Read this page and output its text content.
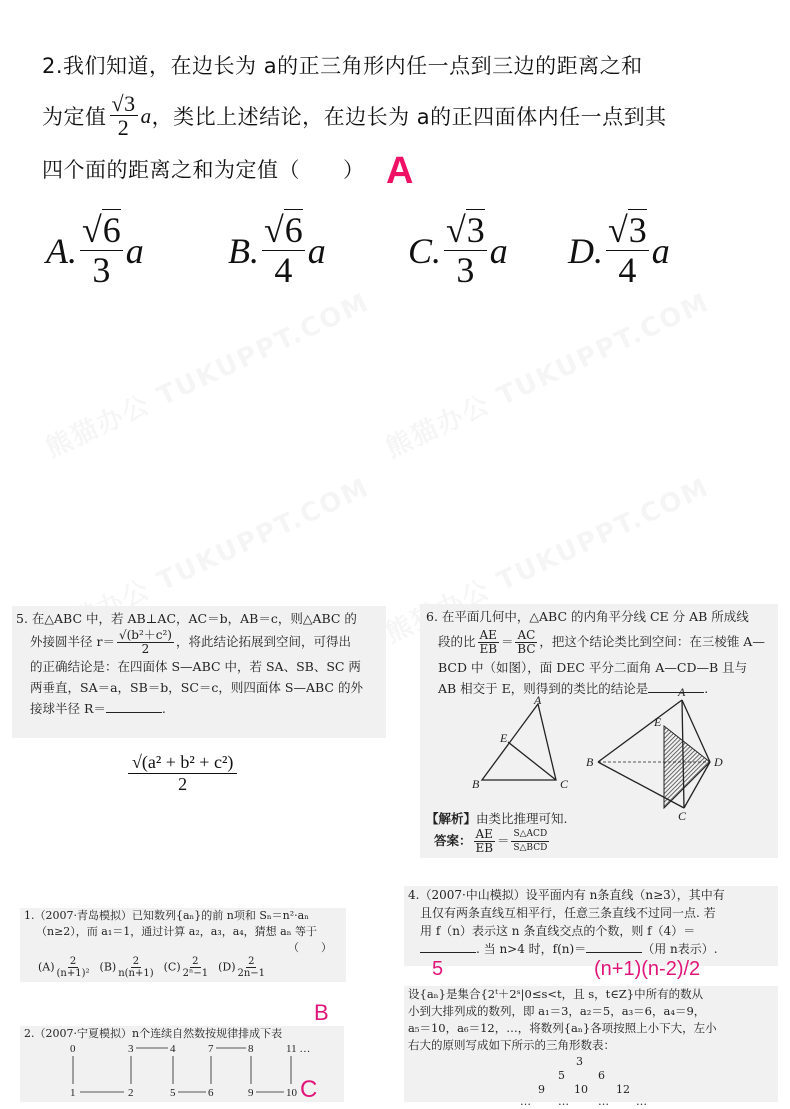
2.我们知道，在边长为 a的正三角形内任一点到三边的距离之和
为定值 $\frac{√3}{2}$ a ，类比上述结论，在边长为 a的正四面体内任一点到其
四个面的距离之和为定值（　　） A
A. $\frac{√6}{3}$ a B. $\frac{√6}{4}$ a C. $\frac{√3}{3}$ a D. $\frac{√3}{4}$ a

5. 在△ABC 中，若 AB⊥AC，AC＝b，AB＝c，则△ABC 的

外接圆半径 $r= \frac{\text{√(b²＋c²)}}{2}$ ，将此结论拓展到空间，可得出

的正确结论是：在四面体 S—ABC 中，若 SA、SB、SC 两

两垂直，SA＝a，SB＝b，SC＝c，则四面体 S—ABC 的外

接球半径 R＝	.

$\frac{\text{√(a² + b² + c²)}}{2}$

6. 在平面几何中，△ABC 的内角平分线 CE 分 AB 所成线

段的比 $\frac{AE}{EB} = \frac{AC}{BC}$ ，把这个结论类比到空间：在三棱锥 A—

BCD 中（如图），面 DEC 平分二面角 A—CD—B 且与

AB 相交于 E，则得到的类比的结论是	.

A
E
B	C
A
E
B	D
C

【解析】由类比推理可知.

答案： $\frac{AE}{EB} = \frac{\text{S△ACD}}{\text{S△BCD}}$

1.（2007·青岛模拟）已知数列{aₙ}的前 n项和 Sₙ＝n²·aₙ

（n≥2），而 a₁＝1，通过计算 a₂，a₃，a₄，猜想 aₙ 等于

（　　）

$(A) \frac{2}{\text{(n+1)²}} (B) \frac{2}{n(n+1)} (C) \frac{2}{\text{2ⁿ−1}} (D) \frac{2}{2n-1}$

B

2.（2007·宁夏模拟）n个连续自然数按规律排成下表

0	3	4	7	8	11 …
1	2	5	6	9	10 C

4.（2007·中山模拟）设平面内有 n条直线（n≥3），其中有

且仅有两条直线互相平行，任意三条直线不过同一点. 若

用 f（n）表示这 n 条直线交点的个数，则 f（4）＝

. 当 n>4 时，f(n)＝	（用 n表示）.

5	(n+1)(n-2)/2

设{aₙ}是集合{2ᵗ＋2ˢ|0≤s<t，且 s，t∈Z}中所有的数从

小到大排列成的数列，即 a₁＝3，a₂＝5，a₃＝6，a₄＝9，

a₅＝10，a₆＝12，…，将数列{aₙ}各项按照上小下大，左小

右大的原则写成如下所示的三角形数表：

3
5	6
9	10	12
… …	… …
